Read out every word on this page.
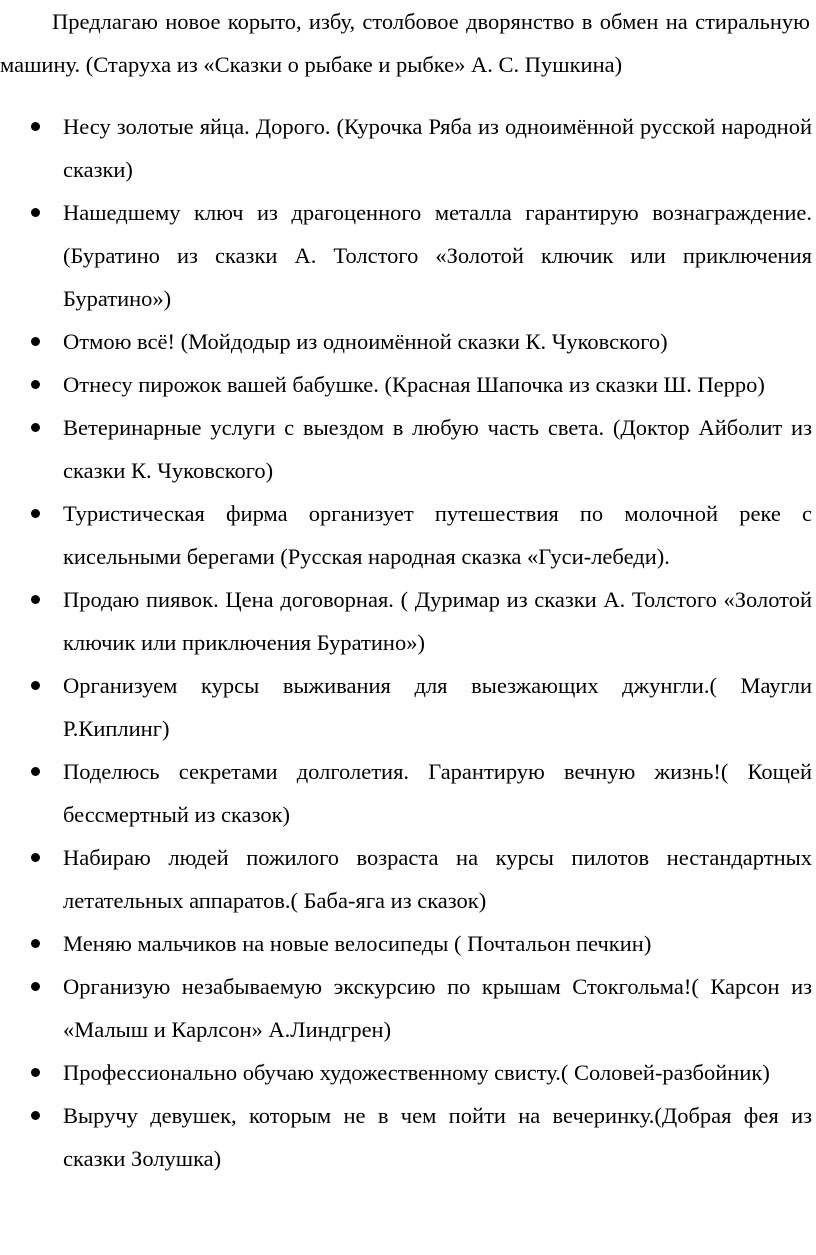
Предлагаю новое корыто, избу, столбовое дворянство в обмен на стиральную машину. (Старуха из «Сказки о рыбаке и рыбке» А. С. Пушкина)

Несу золотые яйца. Дорого. (Курочка Ряба из одноимённой русской народной сказки)
Нашедшему ключ из драгоценного металла гарантирую вознаграждение. (Буратино из сказки А. Толстого «Золотой ключик или приключения Буратино»)
Отмою всё! (Мойдодыр из одноимённой сказки К. Чуковского)
Отнесу пирожок вашей бабушке. (Красная Шапочка из сказки Ш. Перро)
Ветеринарные услуги с выездом в любую часть света. (Доктор Айболит из сказки К. Чуковского)
Туристическая фирма организует путешествия по молочной реке с кисельными берегами (Русская народная сказка «Гуси-лебеди).
Продаю пиявок. Цена договорная. ( Дуримар из сказки А. Толстого «Золотой ключик или приключения Буратино»)
Организуем курсы выживания для выезжающих джунгли.( Маугли Р.Киплинг)
Поделюсь секретами долголетия. Гарантирую вечную жизнь!( Кощей бессмертный из сказок)
Набираю людей пожилого возраста на курсы пилотов нестандартных летательных аппаратов.( Баба-яга из сказок)
Меняю мальчиков на новые велосипеды ( Почтальон печкин)
Организую незабываемую экскурсию по крышам Стокгольма!( Карсон из «Малыш и Карлсон» А.Линдгрен)
Профессионально обучаю художественному свисту.( Соловей-разбойник)
Выручу девушек, которым не в чем пойти на вечеринку.(Добрая фея из сказки Золушка)
